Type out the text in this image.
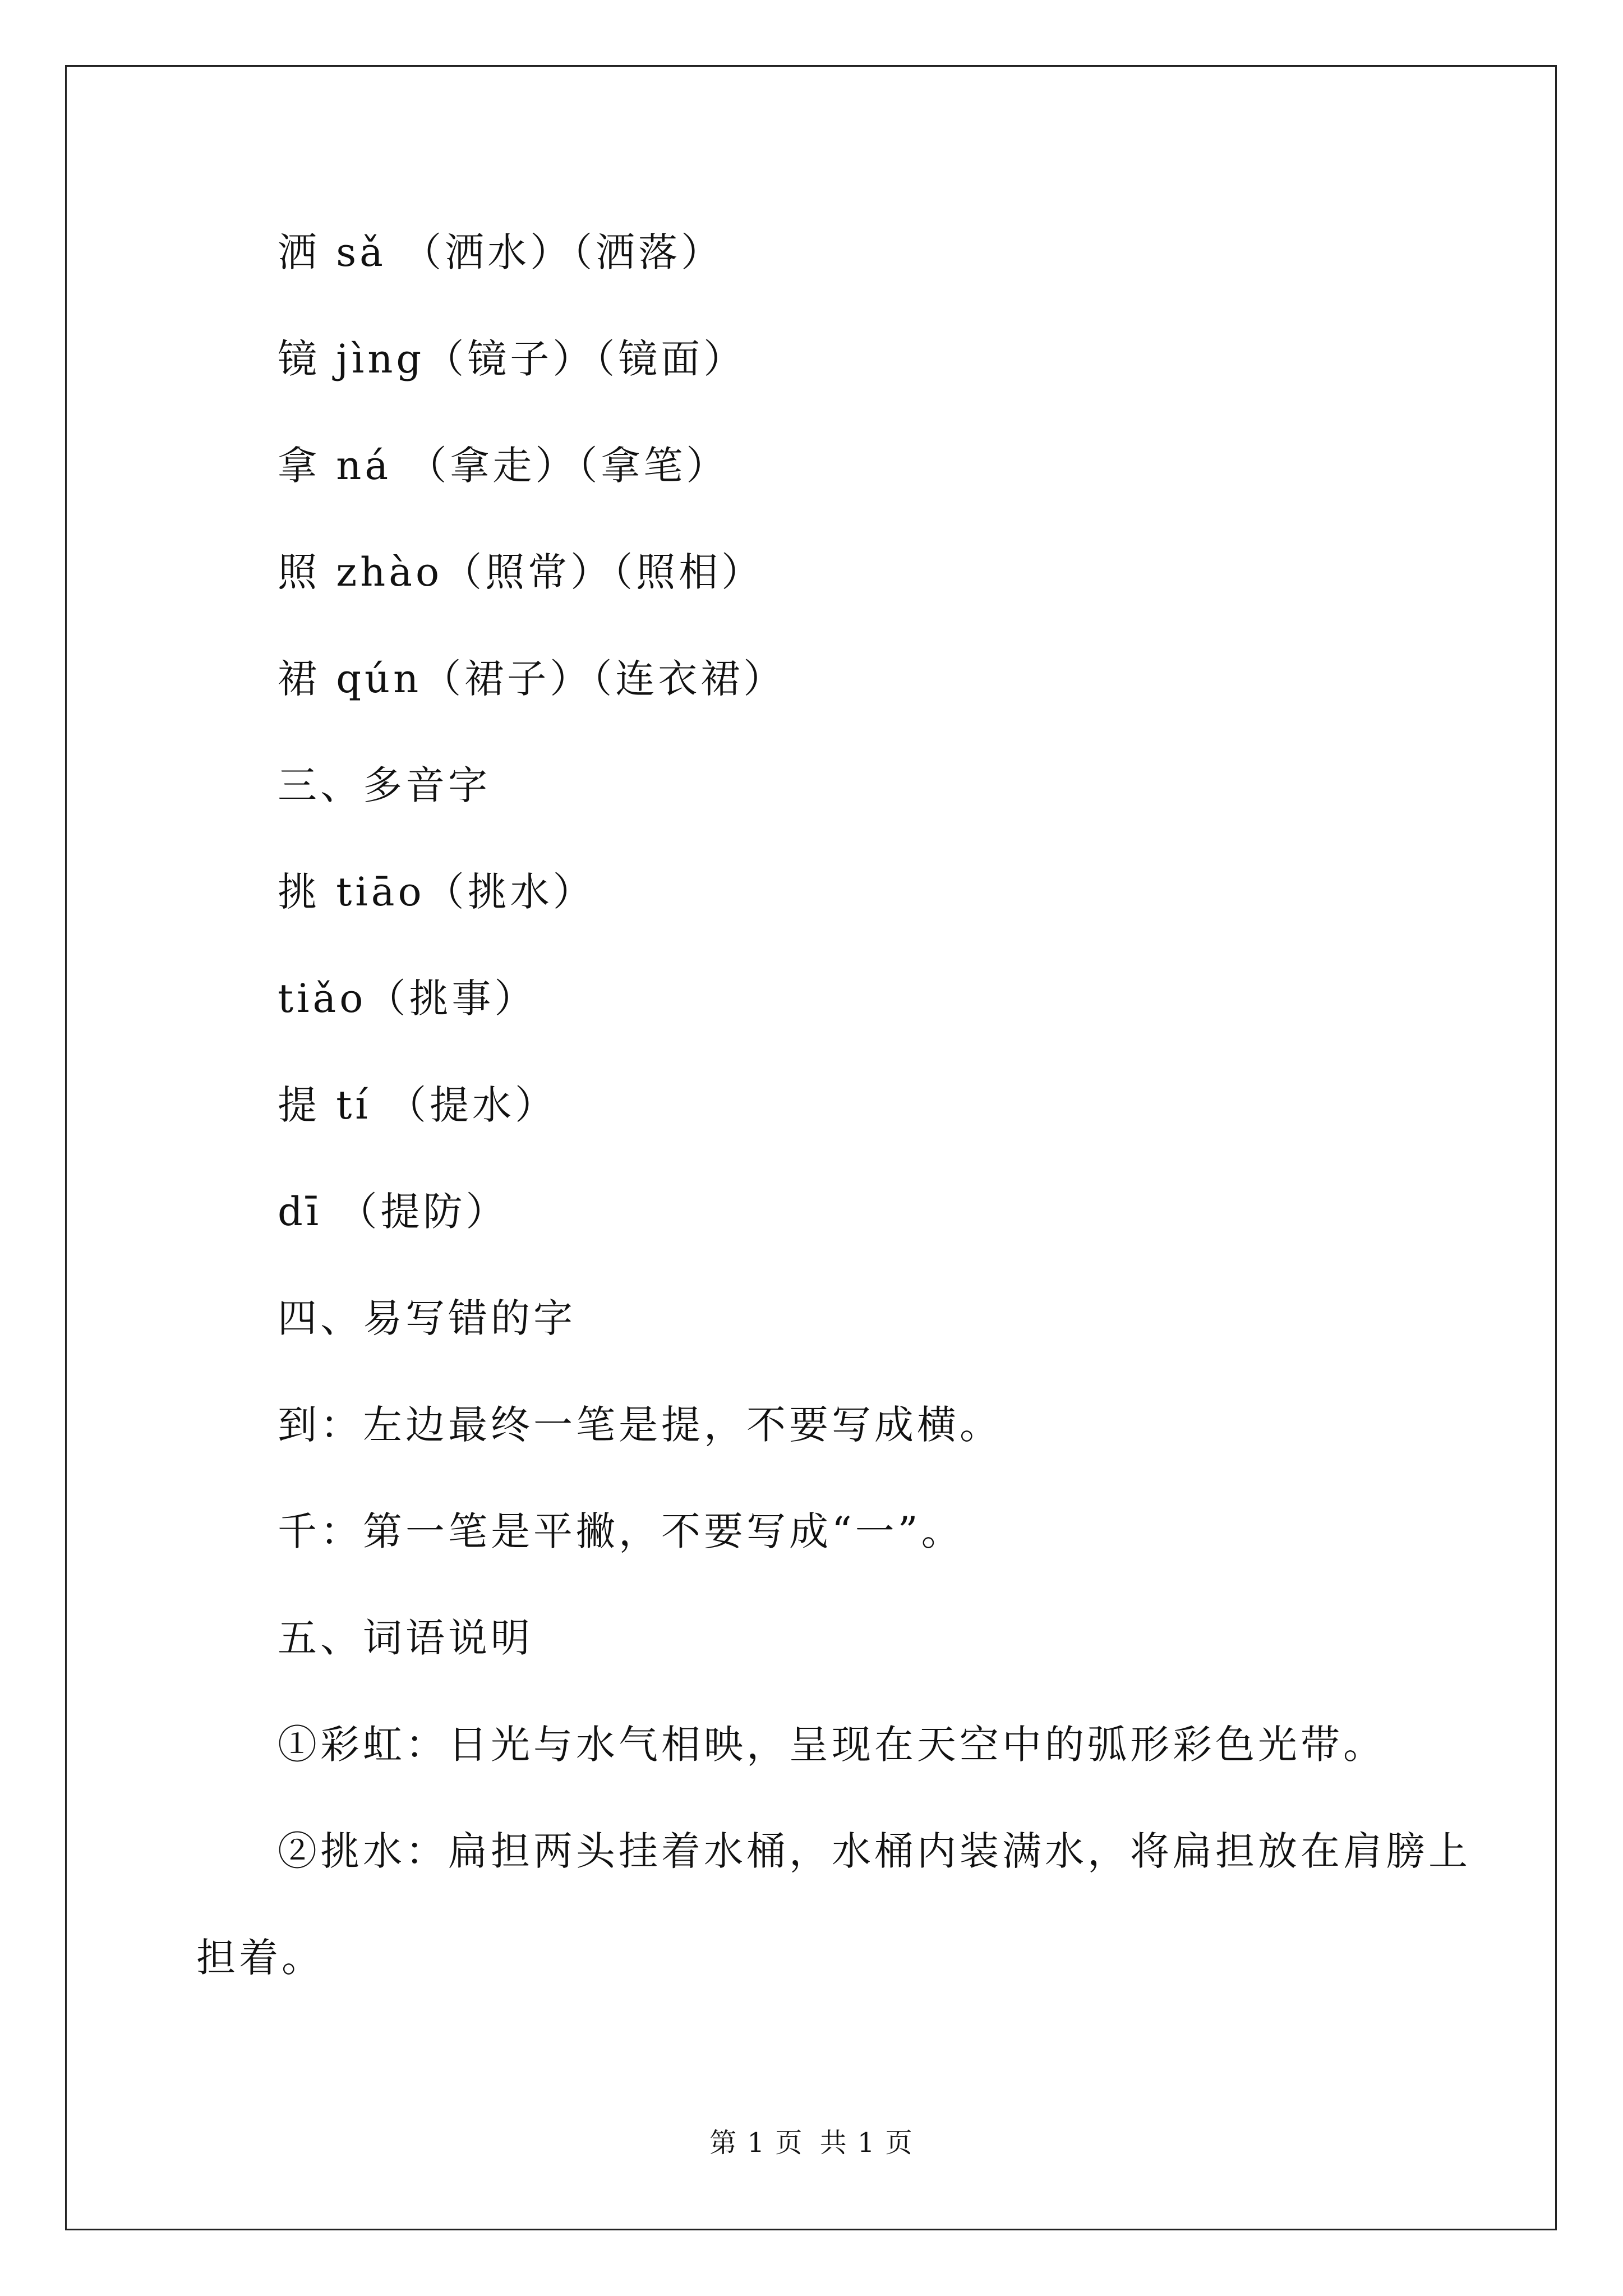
洒 sǎ （洒水）（洒落）
镜 jìng（镜子）（镜面）
拿 ná （拿走）（拿笔）
照 zhào（照常）（照相）
裙 qún（裙子）（连衣裙）
三、多音字
挑 tiāo（挑水）
tiǎo（挑事）
提 tí （提水）
dī （提防）
四、易写错的字
到：左边最终一笔是提，不要写成横。
千：第一笔是平撇，不要写成“一”。
五、词语说明
①彩虹：日光与水气相映，呈现在天空中的弧形彩色光带。
②挑水：扁担两头挂着水桶，水桶内装满水，将扁担放在肩膀上
担着。
第 1 页 共 1 页
